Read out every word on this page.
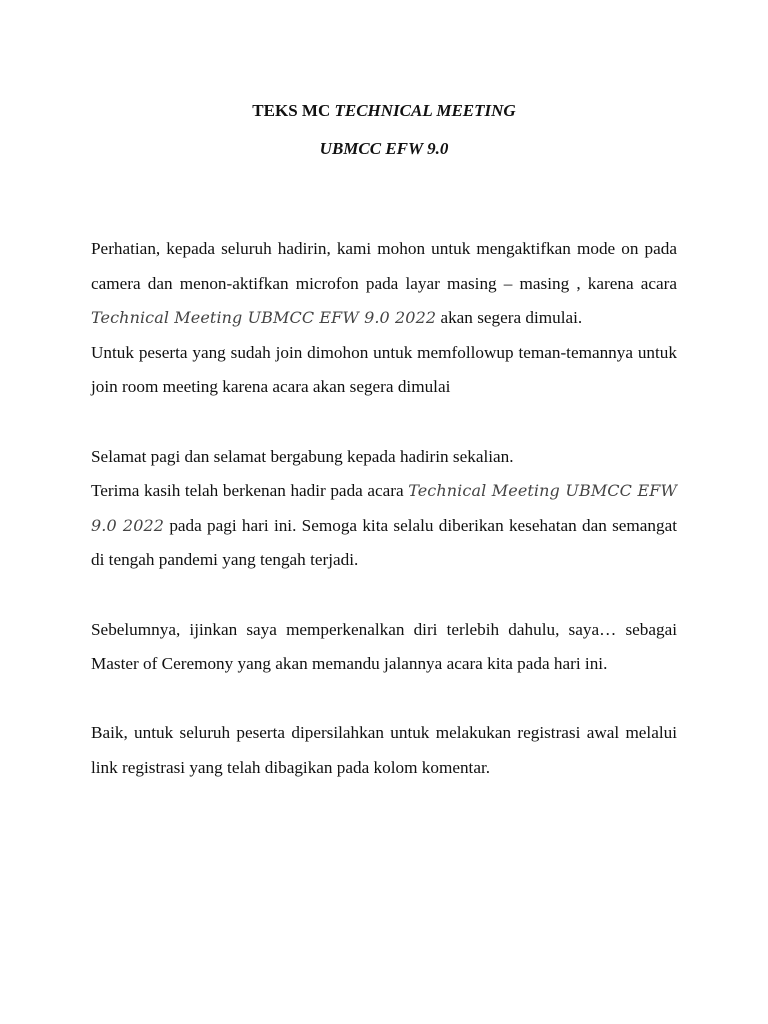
TEKS MC TECHNICAL MEETING
UBMCC EFW 9.0

Perhatian, kepada seluruh hadirin, kami mohon untuk mengaktifkan mode on pada camera dan menon-aktifkan microfon pada layar masing – masing , karena acara Technical Meeting UBMCC EFW 9.0 2022 akan segera dimulai.

Untuk peserta yang sudah join dimohon untuk memfollowup teman-temannya untuk join room meeting karena acara akan segera dimulai

Selamat pagi dan selamat bergabung kepada hadirin sekalian.

Terima kasih telah berkenan hadir pada acara Technical Meeting UBMCC EFW 9.0 2022 pada pagi hari ini. Semoga kita selalu diberikan kesehatan dan semangat di tengah pandemi yang tengah terjadi.

Sebelumnya, ijinkan saya memperkenalkan diri terlebih dahulu, saya… sebagai Master of Ceremony yang akan memandu jalannya acara kita pada hari ini.

Baik, untuk seluruh peserta dipersilahkan untuk melakukan registrasi awal melalui link registrasi yang telah dibagikan pada kolom komentar.
